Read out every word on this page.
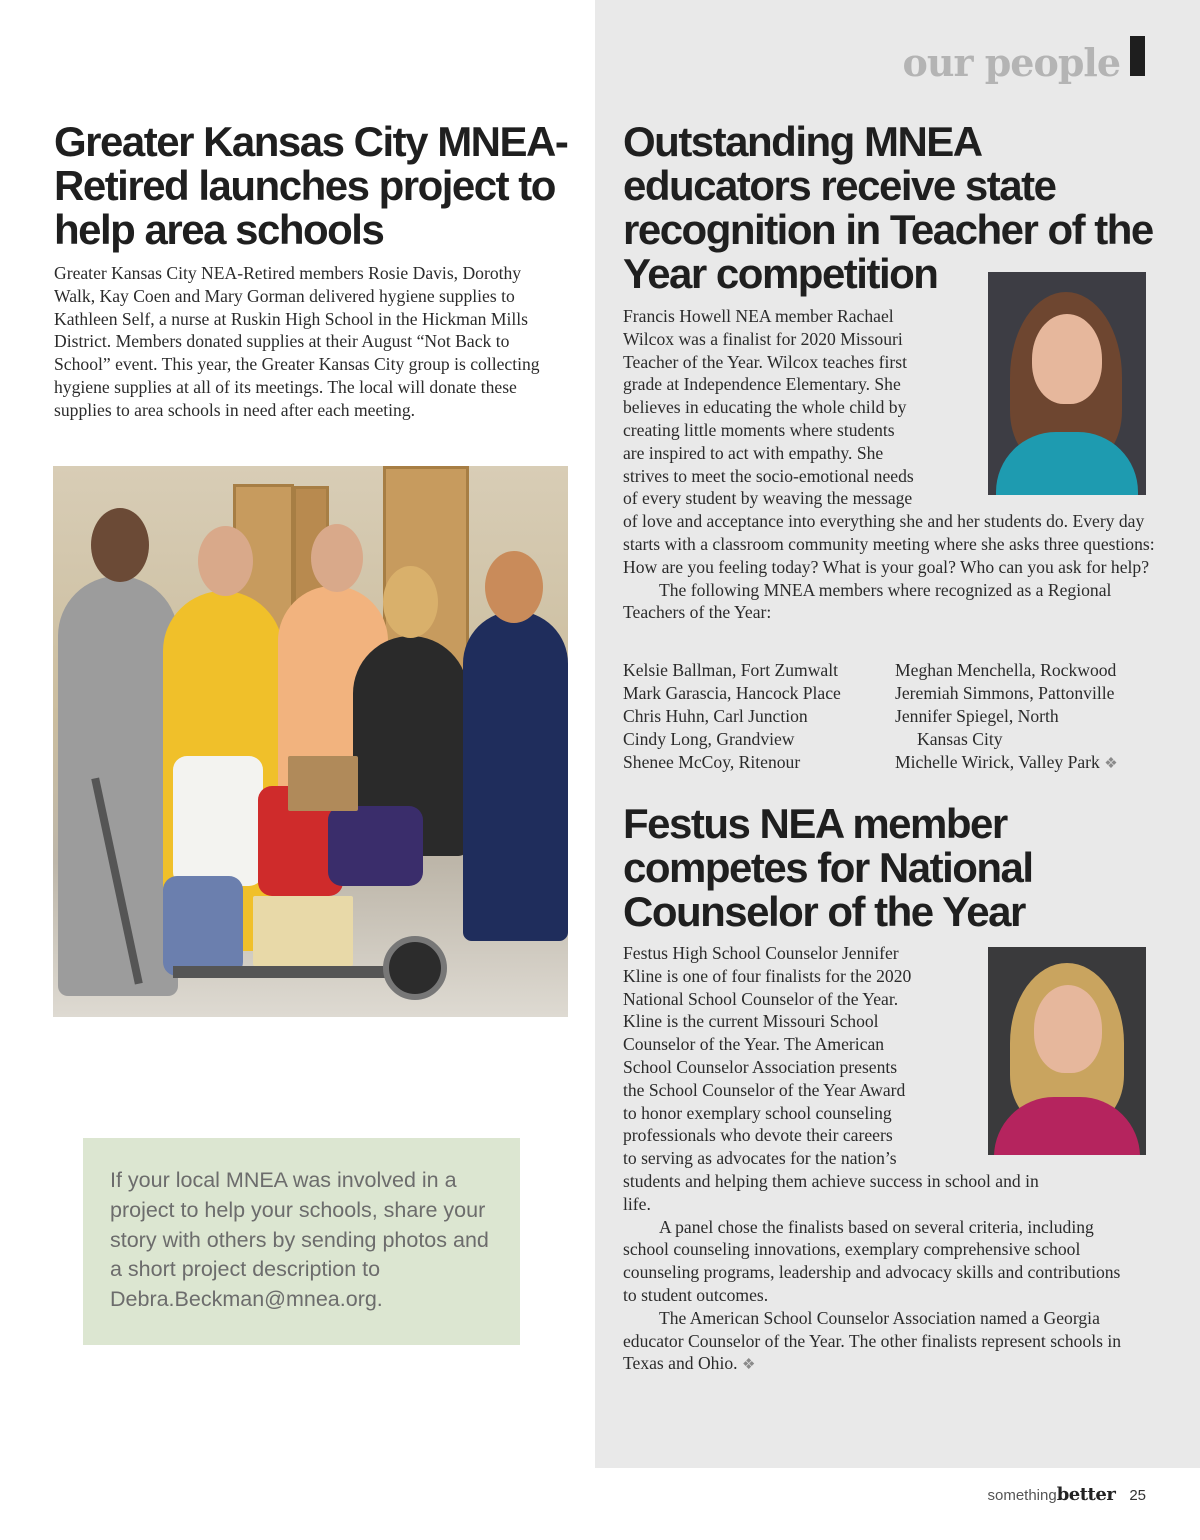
our people
Greater Kansas City MNEA-Retired launches project to help area schools

Greater Kansas City NEA-Retired members Rosie Davis, Dorothy Walk, Kay Coen and Mary Gorman delivered hygiene supplies to Kathleen Self, a nurse at Ruskin High School in the Hickman Mills District. Members donated supplies at their August “Not Back to School” event. This year, the Greater Kansas City group is collecting hygiene supplies at all of its meetings. The local will donate these supplies to area schools in need after each meeting.

If your local MNEA was involved in a project to help your schools, share your story with others by sending photos and a short project description to Debra.Beckman@mnea.org.

Outstanding MNEA educators receive state recognition in Teacher of the Year competition
Francis Howell NEA member Rachael
Wilcox was a finalist for 2020 Missouri
Teacher of the Year. Wilcox teaches first
grade at Independence Elementary. She
believes in educating the whole child by
creating little moments where students
are inspired to act with empathy. She
strives to meet the socio-emotional needs
of every student by weaving the message

of love and acceptance into everything she and her students do. Every day starts with a classroom community meeting where she asks three questions: How are you feeling today? What is your goal? Who can you ask for help?

The following MNEA members where recognized as a Regional Teachers of the Year:

Kelsie Ballman, Fort Zumwalt
Mark Garascia, Hancock Place
Chris Huhn, Carl Junction
Cindy Long, Grandview
Shenee McCoy, Ritenour
Meghan Menchella, Rockwood
Jeremiah Simmons, Pattonville
Jennifer Spiegel, North
Kansas City
Michelle Wirick, Valley Park ❖
Festus NEA member competes for National Counselor of the Year
Festus High School Counselor Jennifer
Kline is one of four finalists for the 2020
National School Counselor of the Year.
Kline is the current Missouri School
Counselor of the Year. The American
School Counselor Association presents
the School Counselor of the Year Award
to honor exemplary school counseling
professionals who devote their careers
to serving as advocates for the nation’s

students and helping them achieve success in school and in life.

A panel chose the finalists based on several criteria, including school counseling innovations, exemplary comprehensive school counseling programs, leadership and advocacy skills and contributions to student outcomes.

The American School Counselor Association named a Georgia educator Counselor of the Year. The other finalists represent schools in Texas and Ohio. ❖

somethingbetter 25
